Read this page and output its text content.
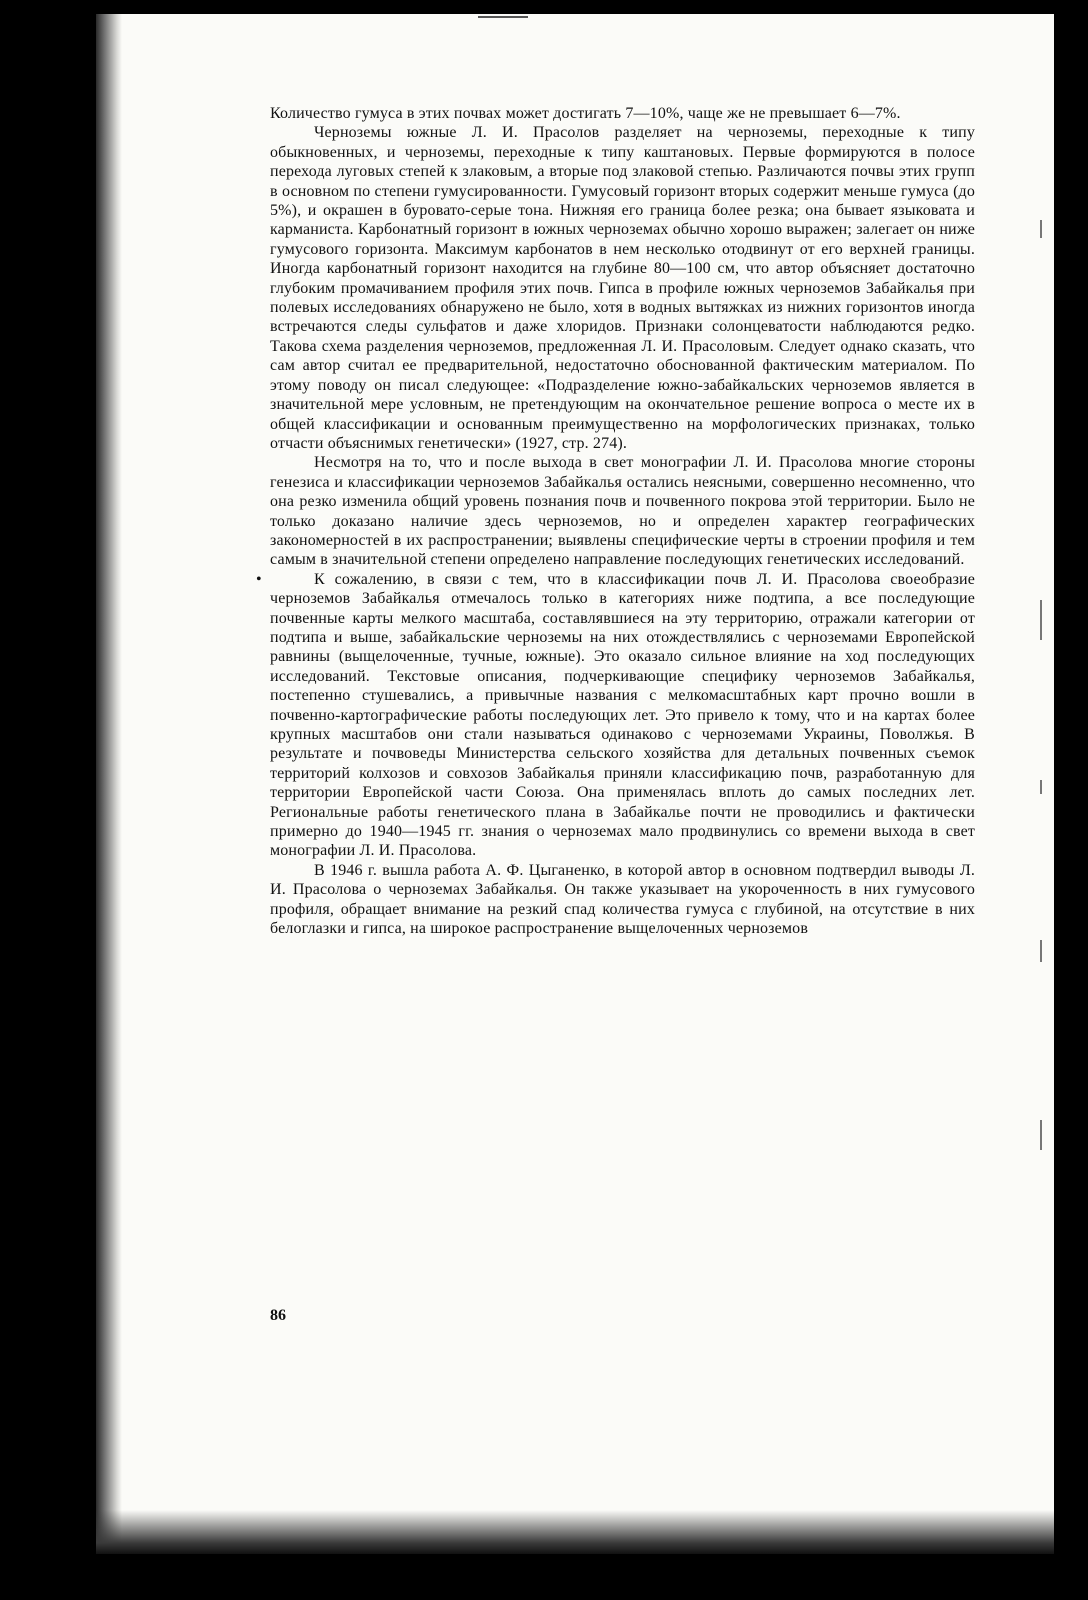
Количество гумуса в этих почвах может достигать 7—10%, чаще же не превышает 6—7%.

Черноземы южные Л. И. Прасолов разделяет на черноземы, переходные к типу обыкновенных, и черноземы, переходные к типу каштановых. Первые формируются в полосе перехода луговых степей к злаковым, а вторые под злаковой степью. Различаются почвы этих групп в основном по степени гумусированности. Гумусовый горизонт вторых содержит меньше гумуса (до 5%), и окрашен в буровато-серые тона. Нижняя его граница более резка; она бывает языковата и карманиста. Карбонатный горизонт в южных черноземах обычно хорошо выражен; залегает он ниже гумусового горизонта. Максимум карбонатов в нем несколько отодвинут от его верхней границы. Иногда карбонатный горизонт находится на глубине 80—100 см, что автор объясняет достаточно глубоким промачиванием профиля этих почв. Гипса в профиле южных черноземов Забайкалья при полевых исследованиях обнаружено не было, хотя в водных вытяжках из нижних горизонтов иногда встречаются следы сульфатов и даже хлоридов. Признаки солонцеватости наблюдаются редко. Такова схема разделения черноземов, предложенная Л. И. Прасоловым. Следует однако сказать, что сам автор считал ее предварительной, недостаточно обоснованной фактическим материалом. По этому поводу он писал следующее: «Подразделение южно-забайкальских черноземов является в значительной мере условным, не претендующим на окончательное решение вопроса о месте их в общей классификации и основанным преимущественно на морфологических признаках, только отчасти объяснимых генетически» (1927, стр. 274).

Несмотря на то, что и после выхода в свет монографии Л. И. Прасолова многие стороны генезиса и классификации черноземов Забайкалья остались неясными, совершенно несомненно, что она резко изменила общий уровень познания почв и почвенного покрова этой территории. Было не только доказано наличие здесь черноземов, но и определен характер географических закономерностей в их распространении; выявлены специфические черты в строении профиля и тем самым в значительной степени определено направление последующих генетических исследований.

•	К сожалению, в связи с тем, что в классификации почв Л. И. Прасолова своеобразие черноземов Забайкалья отмечалось только в категориях ниже подтипа, а все последующие почвенные карты мелкого масштаба, составлявшиеся на эту территорию, отражали категории от подтипа и выше, забайкальские черноземы на них отождествлялись с черноземами Европейской равнины (выщелоченные, тучные, южные). Это оказало сильное влияние на ход последующих исследований. Текстовые описания, подчеркивающие специфику черноземов Забайкалья, постепенно стушевались, а привычные названия с мелкомасштабных карт прочно вошли в почвенно-картографические работы последующих лет. Это привело к тому, что и на картах более крупных масштабов они стали называться одинаково с черноземами Украины, Поволжья. В результате и почвоведы Министерства сельского хозяйства для детальных почвенных съемок территорий колхозов и совхозов Забайкалья приняли классификацию почв, разработанную для территории Европейской части Союза. Она применялась вплоть до самых последних лет. Региональные работы генетического плана в Забайкалье почти не проводились и фактически примерно до 1940—1945 гг. знания о черноземах мало продвинулись со времени выхода в свет монографии Л. И. Прасолова.

В 1946 г. вышла работа А. Ф. Цыганенко, в которой автор в основном подтвердил выводы Л. И. Прасолова о черноземах Забайкалья. Он также указывает на укороченность в них гумусового профиля, обращает внимание на резкий спад количества гумуса с глубиной, на отсутствие в них белоглазки и гипса, на широкое распространение выщелоченных черноземов

86
